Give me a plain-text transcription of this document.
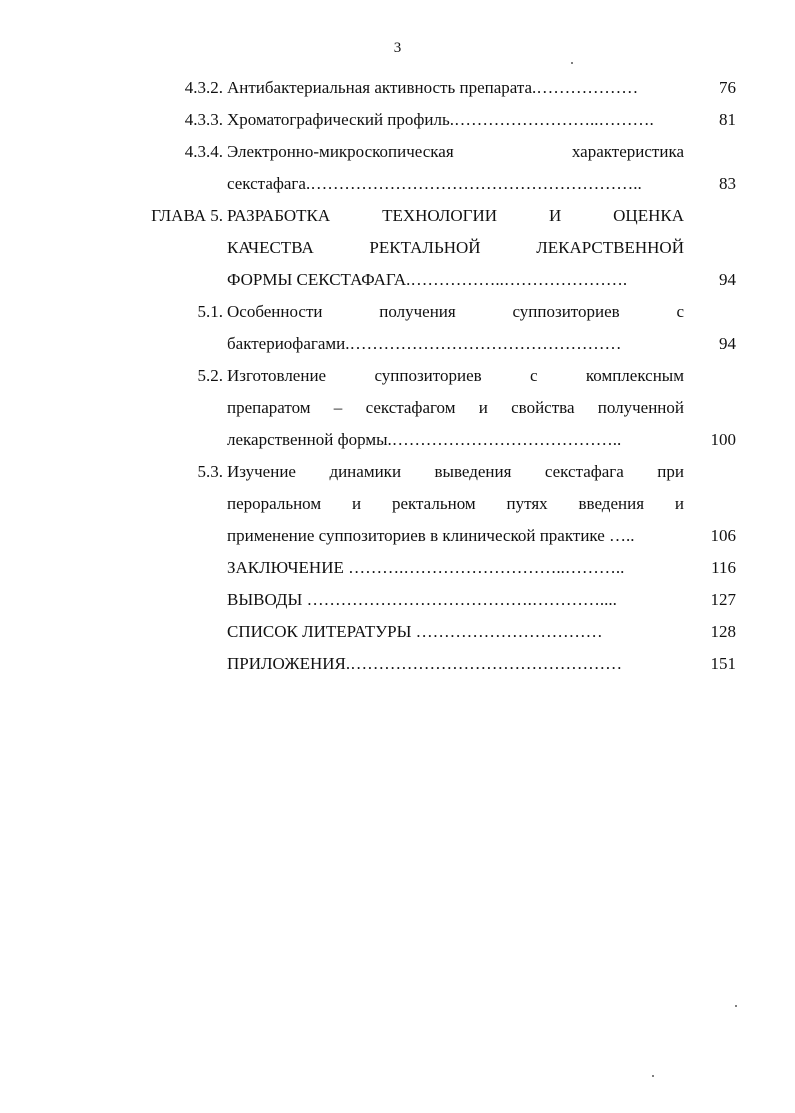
3
4.3.2. Антибактериальная активность препарата.………………	76
4.3.3. Хроматографический профиль.……………………..……….	81
4.3.4. Электронно-микроскопическая характеристика
секстафага.…………………………………………………..	83
ГЛАВА 5. РАЗРАБОТКА ТЕХНОЛОГИИ И ОЦЕНКА
КАЧЕСТВА РЕКТАЛЬНОЙ ЛЕКАРСТВЕННОЙ
ФОРМЫ СЕКСТАФАГА.……………..………………….	94
5.1. Особенности получения суппозиториев с
бактериофагами.…………………………………………	94
5.2. Изготовление суппозиториев с комплексным
препаратом – секстафагом и свойства полученной
лекарственной формы.…………………………………..	100
5.3. Изучение динамики выведения секстафага при
пероральном и ректальном путях введения и
применение суппозиториев в клинической практике …..	106
ЗАКЛЮЧЕНИЕ ……….………………………..………..	116
ВЫВОДЫ ………………………………….…………....	127
СПИСОК ЛИТЕРАТУРЫ ……………………………	128
ПРИЛОЖЕНИЯ.…………………………………………	151
